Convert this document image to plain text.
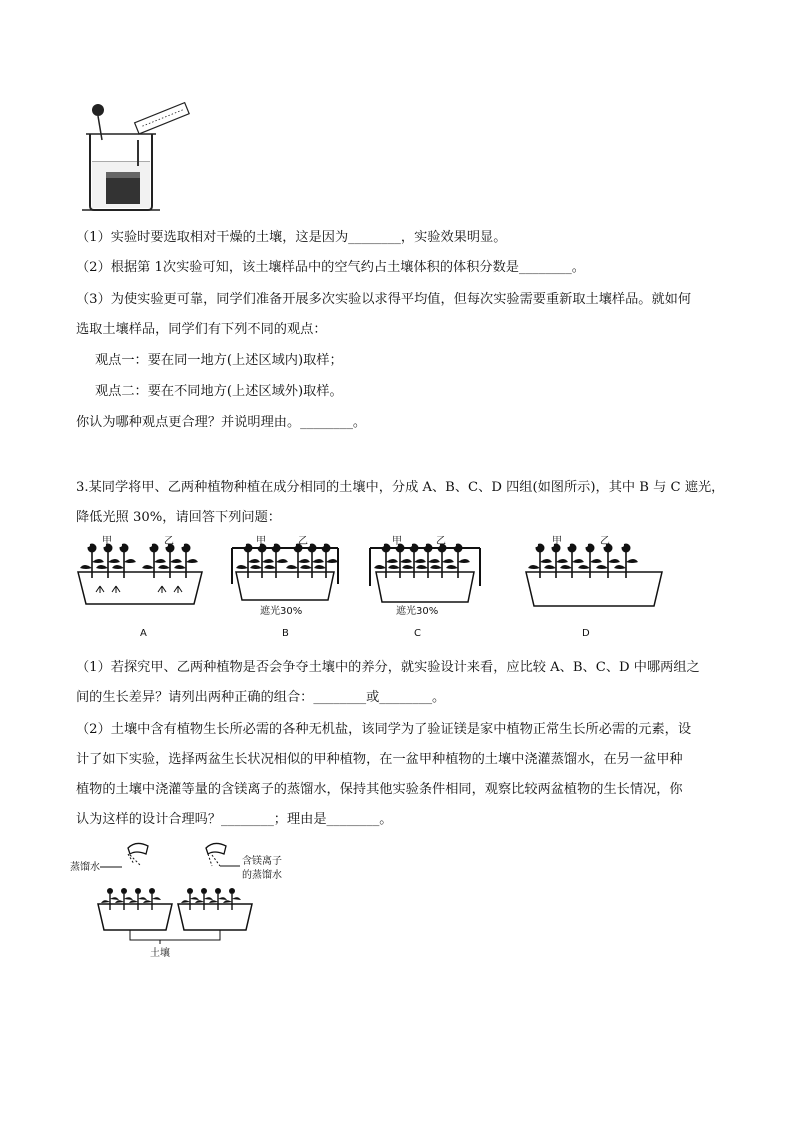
（1）实验时要选取相对干燥的土壤，这是因为________，实验效果明显。
（2）根据第 1次实验可知，该土壤样品中的空气约占土壤体积的体积分数是________。
（3）为使实验更可靠，同学们准备开展多次实验以求得平均值，但每次实验需要重新取土壤样品。就如何
选取土壤样品，同学们有下列不同的观点：
观点一：要在同一地方(上述区域内)取样；
观点二：要在不同地方(上述区域外)取样。
你认为哪种观点更合理？并说明理由。________。
3.某同学将甲、乙两种植物种植在成分相同的土壤中，分成 A、B、C、D 四组(如图所示)，其中 B 与 C 遮光，
降低光照 30%，请回答下列问题：
甲	乙
A
甲	乙
遮光30%
B
甲	乙
遮光30%
C
甲	乙
D
（1）若探究甲、乙两种植物是否会争夺土壤中的养分，就实验设计来看，应比较 A、B、C、D 中哪两组之
间的生长差异？请列出两种正确的组合：________或________。
（2）土壤中含有植物生长所必需的各种无机盐，该同学为了验证镁是家中植物正常生长所必需的元素，设
计了如下实验，选择两盆生长状况相似的甲种植物，在一盆甲种植物的土壤中浇灌蒸馏水，在另一盆甲种
植物的土壤中浇灌等量的含镁离子的蒸馏水，保持其他实验条件相同，观察比较两盆植物的生长情况，你
认为这样的设计合理吗？________；理由是________。
蒸馏水
含镁离子
的蒸馏水
土壤
